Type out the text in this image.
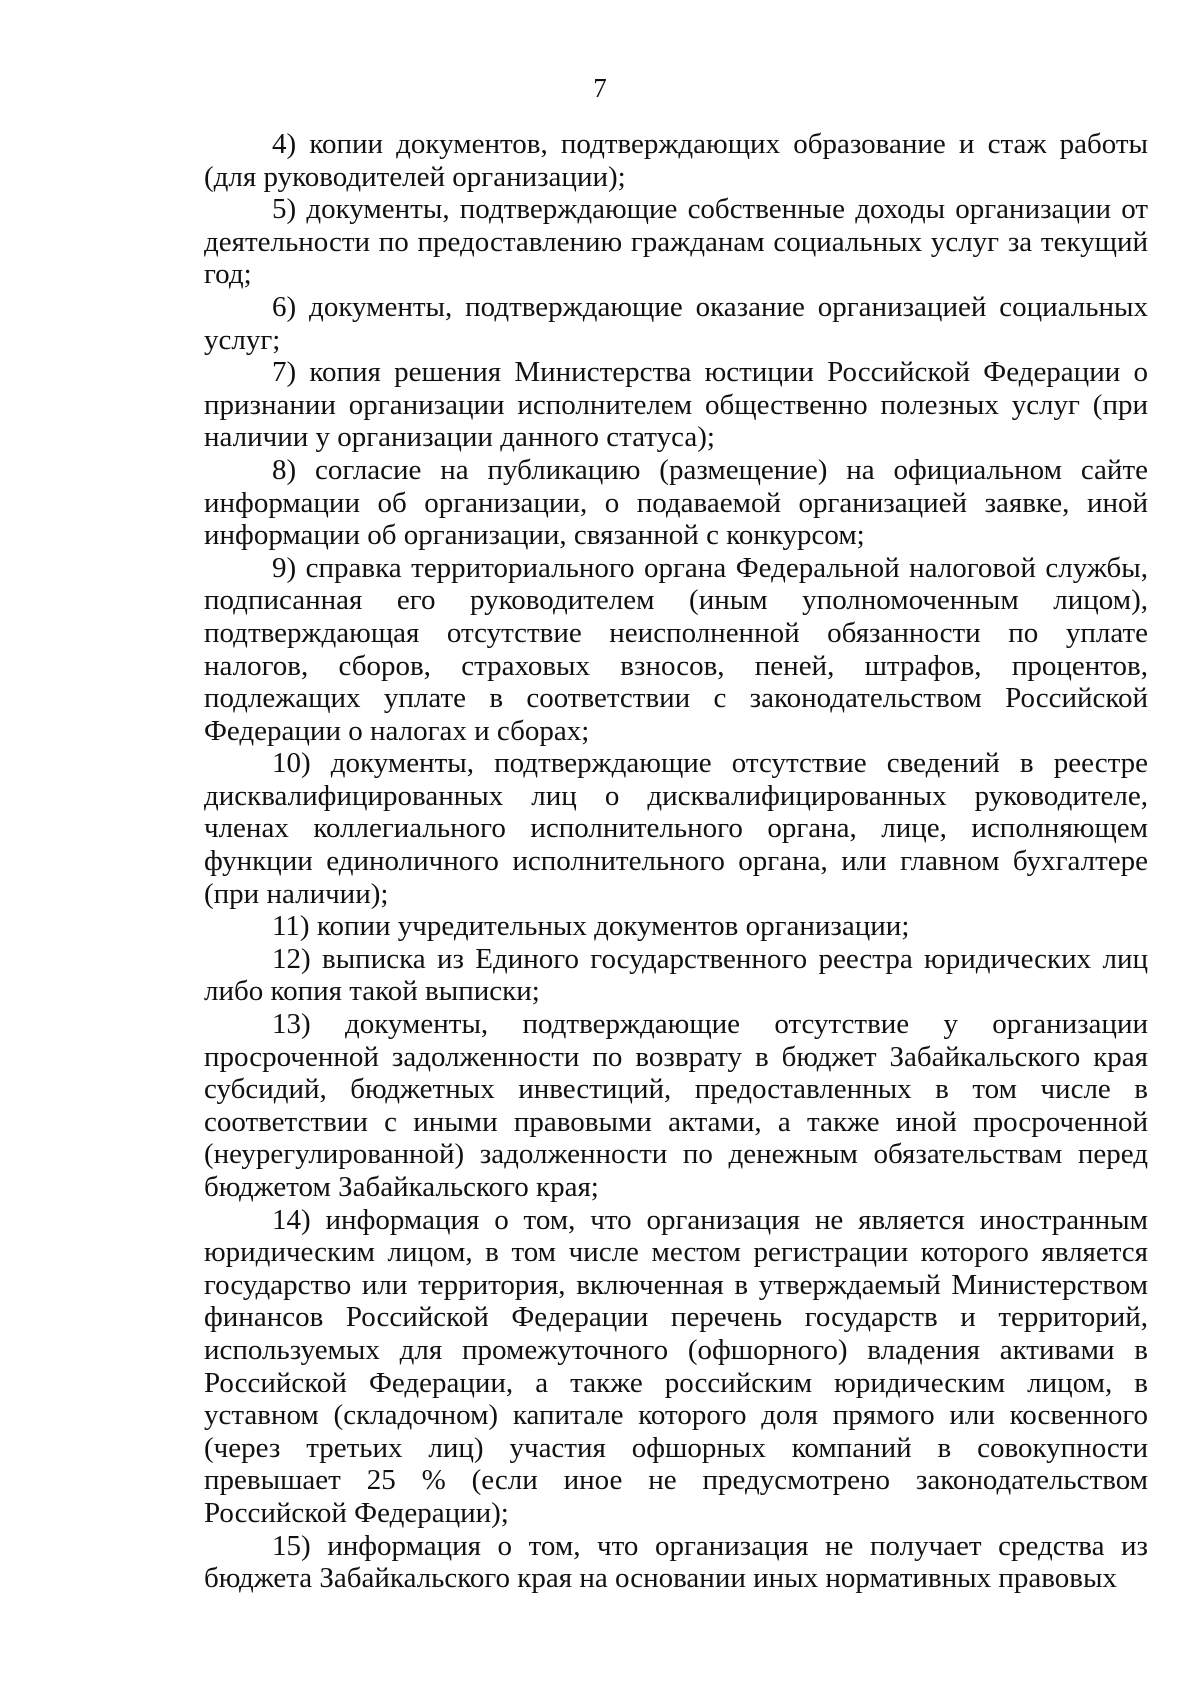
7

4) копии документов, подтверждающих образование и стаж работы (для руководителей организации);

5) документы, подтверждающие собственные доходы организации от деятельности по предоставлению гражданам социальных услуг за текущий год;

6) документы, подтверждающие оказание организацией социальных услуг;

7) копия решения Министерства юстиции Российской Федерации о признании организации исполнителем общественно полезных услуг (при наличии у организации данного статуса);

8) согласие на публикацию (размещение) на официальном сайте информации об организации, о подаваемой организацией заявке, иной информации об организации, связанной с конкурсом;

9) справка территориального органа Федеральной налоговой службы, подписанная его руководителем (иным уполномоченным лицом), подтверждающая отсутствие неисполненной обязанности по уплате налогов, сборов, страховых взносов, пеней, штрафов, процентов, подлежащих уплате в соответствии с законодательством Российской Федерации о налогах и сборах;

10) документы, подтверждающие отсутствие сведений в реестре дисквалифицированных лиц о дисквалифицированных руководителе, членах коллегиального исполнительного органа, лице, исполняющем функции единоличного исполнительного органа, или главном бухгалтере (при наличии);

11) копии учредительных документов организации;

12) выписка из Единого государственного реестра юридических лиц либо копия такой выписки;

13) документы, подтверждающие отсутствие у организации просроченной задолженности по возврату в бюджет Забайкальского края субсидий, бюджетных инвестиций, предоставленных в том числе в соответствии с иными правовыми актами, а также иной просроченной (неурегулированной) задолженности по денежным обязательствам перед бюджетом Забайкальского края;

14) информация о том, что организация не является иностранным юридическим лицом, в том числе местом регистрации которого является государство или территория, включенная в утверждаемый Министерством финансов Российской Федерации перечень государств и территорий, используемых для промежуточного (офшорного) владения активами в Российской Федерации, а также российским юридическим лицом, в уставном (складочном) капитале которого доля прямого или косвенного (через третьих лиц) участия офшорных компаний в совокупности превышает 25 % (если иное не предусмотрено законодательством Российской Федерации);

15) информация о том, что организация не получает средства из бюджета Забайкальского края на основании иных нормативных правовых
